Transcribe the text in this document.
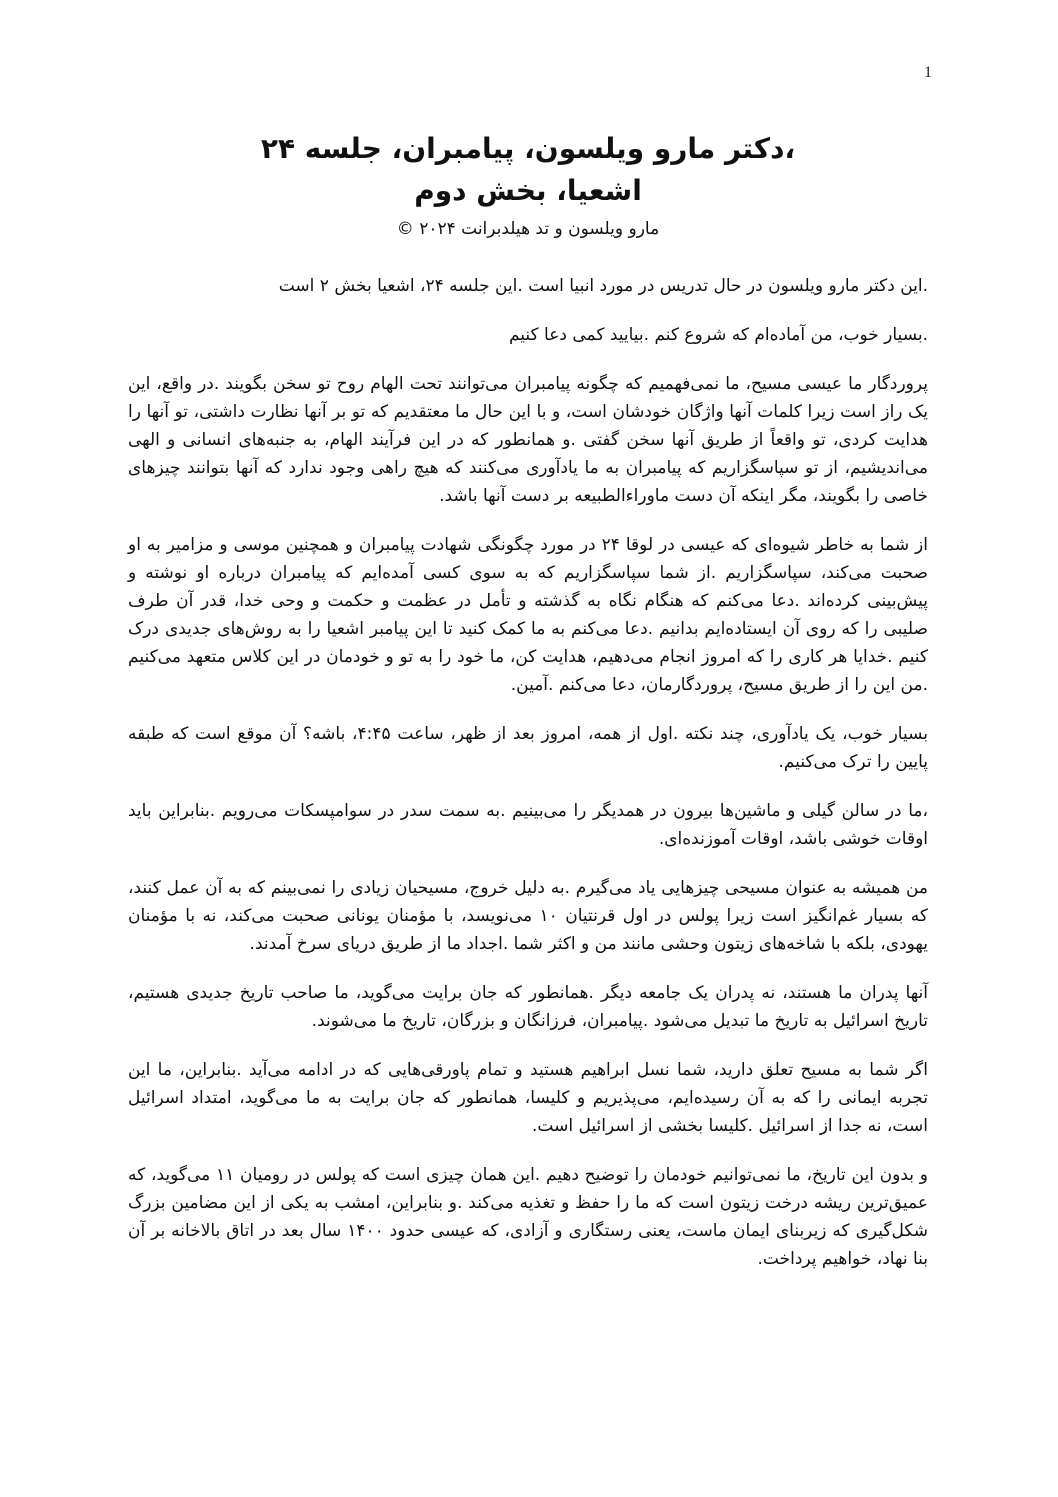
1
،دکتر مارو ویلسون، پیامبران، جلسه ۲۴
اشعیا، بخش دوم
مارو ویلسون و تد هیلدبرانت ۲۰۲۴ ©

.این دکتر مارو ویلسون در حال تدریس در مورد انبیا است .این جلسه ۲۴، اشعیا بخش ۲ است

.بسیار خوب، من آماده‌ام که شروع کنم .بیایید کمی دعا کنیم

پروردگار ما عیسی مسیح، ما نمی‌فهمیم که چگونه پیامبران می‌توانند تحت الهام روح تو سخن بگویند .در واقع، این یک راز است زیرا کلمات آنها واژگان خودشان است، و با این حال ما معتقدیم که تو بر آنها نظارت داشتی، تو آنها را هدایت کردی، تو واقعاً از طریق آنها سخن گفتی .و همانطور که در این فرآیند الهام، به جنبه‌های انسانی و الهی می‌اندیشیم، از تو سپاسگزاریم که پیامبران به ما یادآوری می‌کنند که هیچ راهی وجود ندارد که آنها بتوانند چیزهای خاصی را بگویند، مگر اینکه آن دست ماوراءالطبیعه بر دست آنها باشد.

از شما به خاطر شیوه‌ای که عیسی در لوقا ۲۴ در مورد چگونگی شهادت پیامبران و همچنین موسی و مزامیر به او صحبت می‌کند، سپاسگزاریم .از شما سپاسگزاریم که به سوی کسی آمده‌ایم که پیامبران درباره او نوشته و پیش‌بینی کرده‌اند .دعا می‌کنم که هنگام نگاه به گذشته و تأمل در عظمت و حکمت و وحی خدا، قدر آن طرف صلیبی را که روی آن ایستاده‌ایم بدانیم .دعا می‌کنم به ما کمک کنید تا این پیامبر اشعیا را به روش‌های جدیدی درک کنیم .خدایا هر کاری را که امروز انجام می‌دهیم، هدایت کن، ما خود را به تو و خودمان در این کلاس متعهد می‌کنیم .من این را از طریق مسیح، پروردگارمان، دعا می‌کنم .آمین.

بسیار خوب، یک یادآوری، چند نکته .اول از همه، امروز بعد از ظهر، ساعت ۴:۴۵، باشه؟ آن موقع است که طبقه پایین را ترک می‌کنیم.

،ما در سالن گیلی و ماشین‌ها بیرون در همدیگر را می‌بینیم .به سمت سدر در سوامپسکات می‌رویم .بنابراین باید اوقات خوشی باشد، اوقات آموزنده‌ای.

من همیشه به عنوان مسیحی چیزهایی یاد می‌گیرم .به دلیل خروج، مسیحیان زیادی را نمی‌بینم که به آن عمل کنند، که بسیار غم‌انگیز است زیرا پولس در اول قرنتیان ۱۰ می‌نویسد، با مؤمنان یونانی صحبت می‌کند، نه با مؤمنان یهودی، بلکه با شاخه‌های زیتون وحشی مانند من و اکثر شما .اجداد ما از طریق دریای سرخ آمدند.

آنها پدران ما هستند، نه پدران یک جامعه دیگر .همانطور که جان برایت می‌گوید، ما صاحب تاریخ جدیدی هستیم، تاریخ اسرائیل به تاریخ ما تبدیل می‌شود .پیامبران، فرزانگان و بزرگان، تاریخ ما می‌شوند.

اگر شما به مسیح تعلق دارید، شما نسل ابراهیم هستید و تمام پاورقی‌هایی که در ادامه می‌آید .بنابراین، ما این تجربه ایمانی را که به آن رسیده‌ایم، می‌پذیریم و کلیسا، همانطور که جان برایت به ما می‌گوید، امتداد اسرائیل است، نه جدا از اسرائیل .کلیسا بخشی از اسرائیل است.

و بدون این تاریخ، ما نمی‌توانیم خودمان را توضیح دهیم .این همان چیزی است که پولس در رومیان ۱۱ می‌گوید، که عمیق‌ترین ریشه درخت زیتون است که ما را حفظ و تغذیه می‌کند .و بنابراین، امشب به یکی از این مضامین بزرگ شکل‌گیری که زیربنای ایمان ماست، یعنی رستگاری و آزادی، که عیسی حدود ۱۴۰۰ سال بعد در اتاق بالاخانه بر آن بنا نهاد، خواهیم پرداخت.
